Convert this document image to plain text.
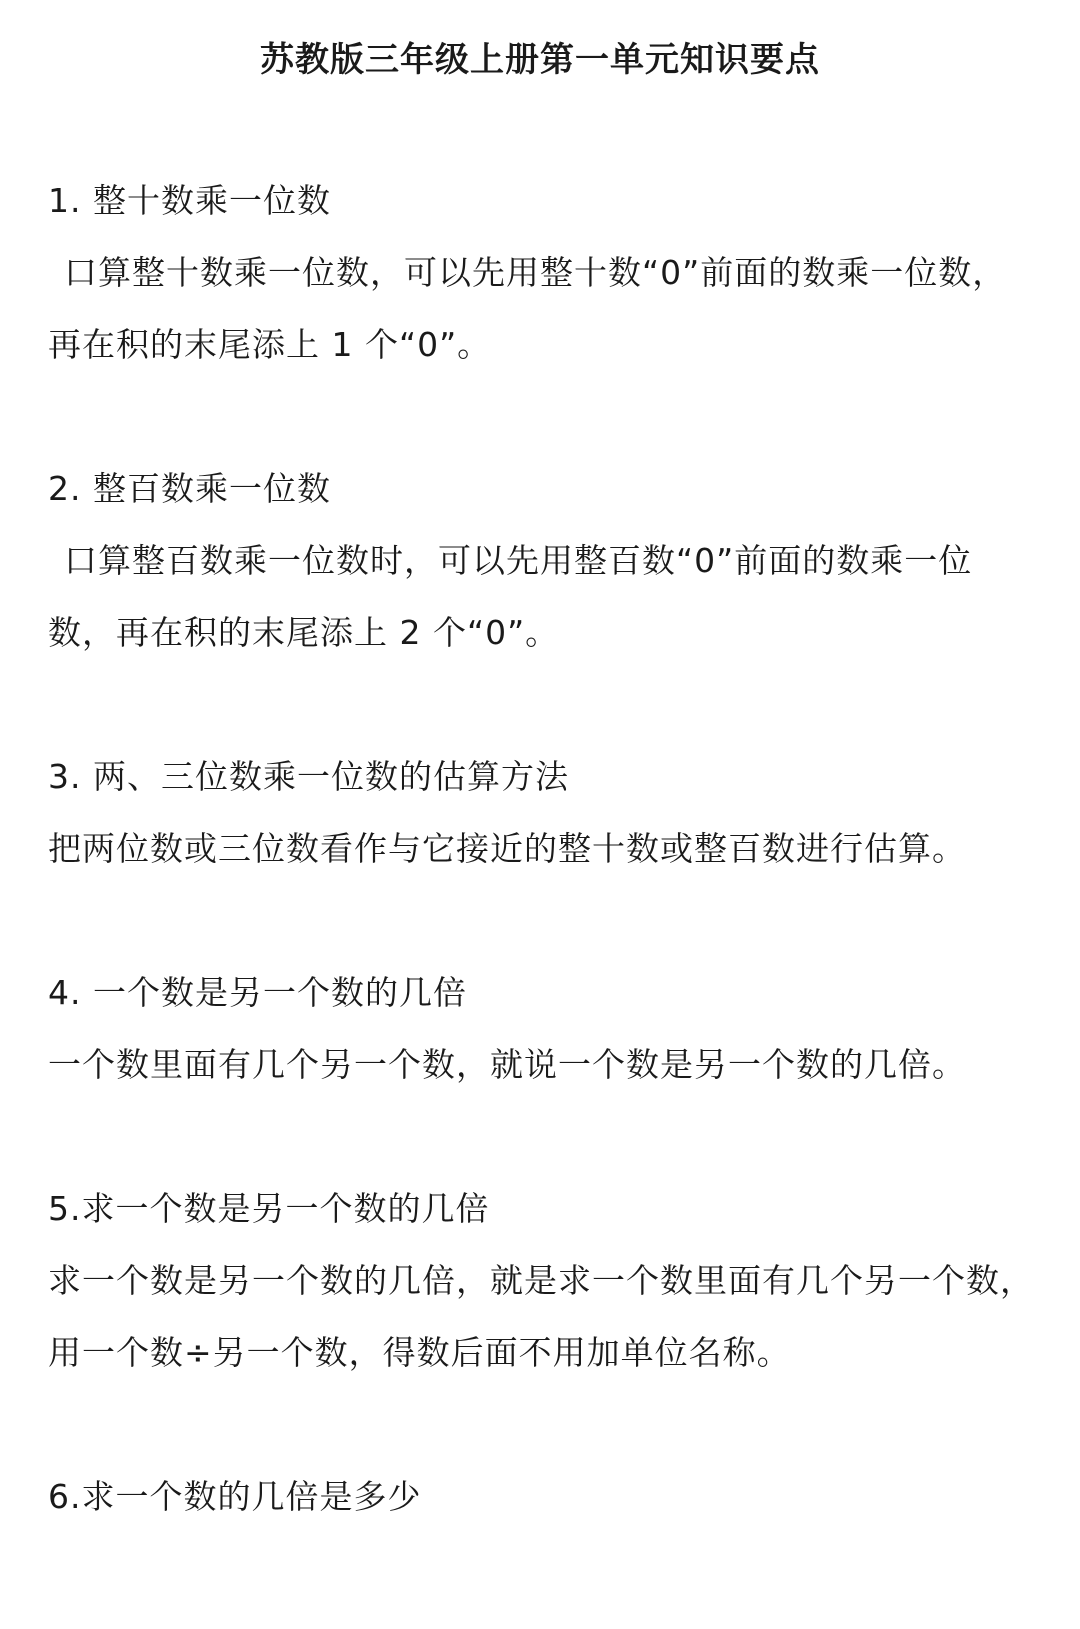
苏教版三年级上册第一单元知识要点
1. 整十数乘一位数
口算整十数乘一位数，可以先用整十数“0”前面的数乘一位数，
再在积的末尾添上 1 个“0”。
2. 整百数乘一位数
口算整百数乘一位数时，可以先用整百数“0”前面的数乘一位
数，再在积的末尾添上 2 个“0”。
3. 两、三位数乘一位数的估算方法
把两位数或三位数看作与它接近的整十数或整百数进行估算。
4. 一个数是另一个数的几倍
一个数里面有几个另一个数，就说一个数是另一个数的几倍。
5.求一个数是另一个数的几倍
求一个数是另一个数的几倍，就是求一个数里面有几个另一个数，
用一个数÷另一个数，得数后面不用加单位名称。
6.求一个数的几倍是多少
